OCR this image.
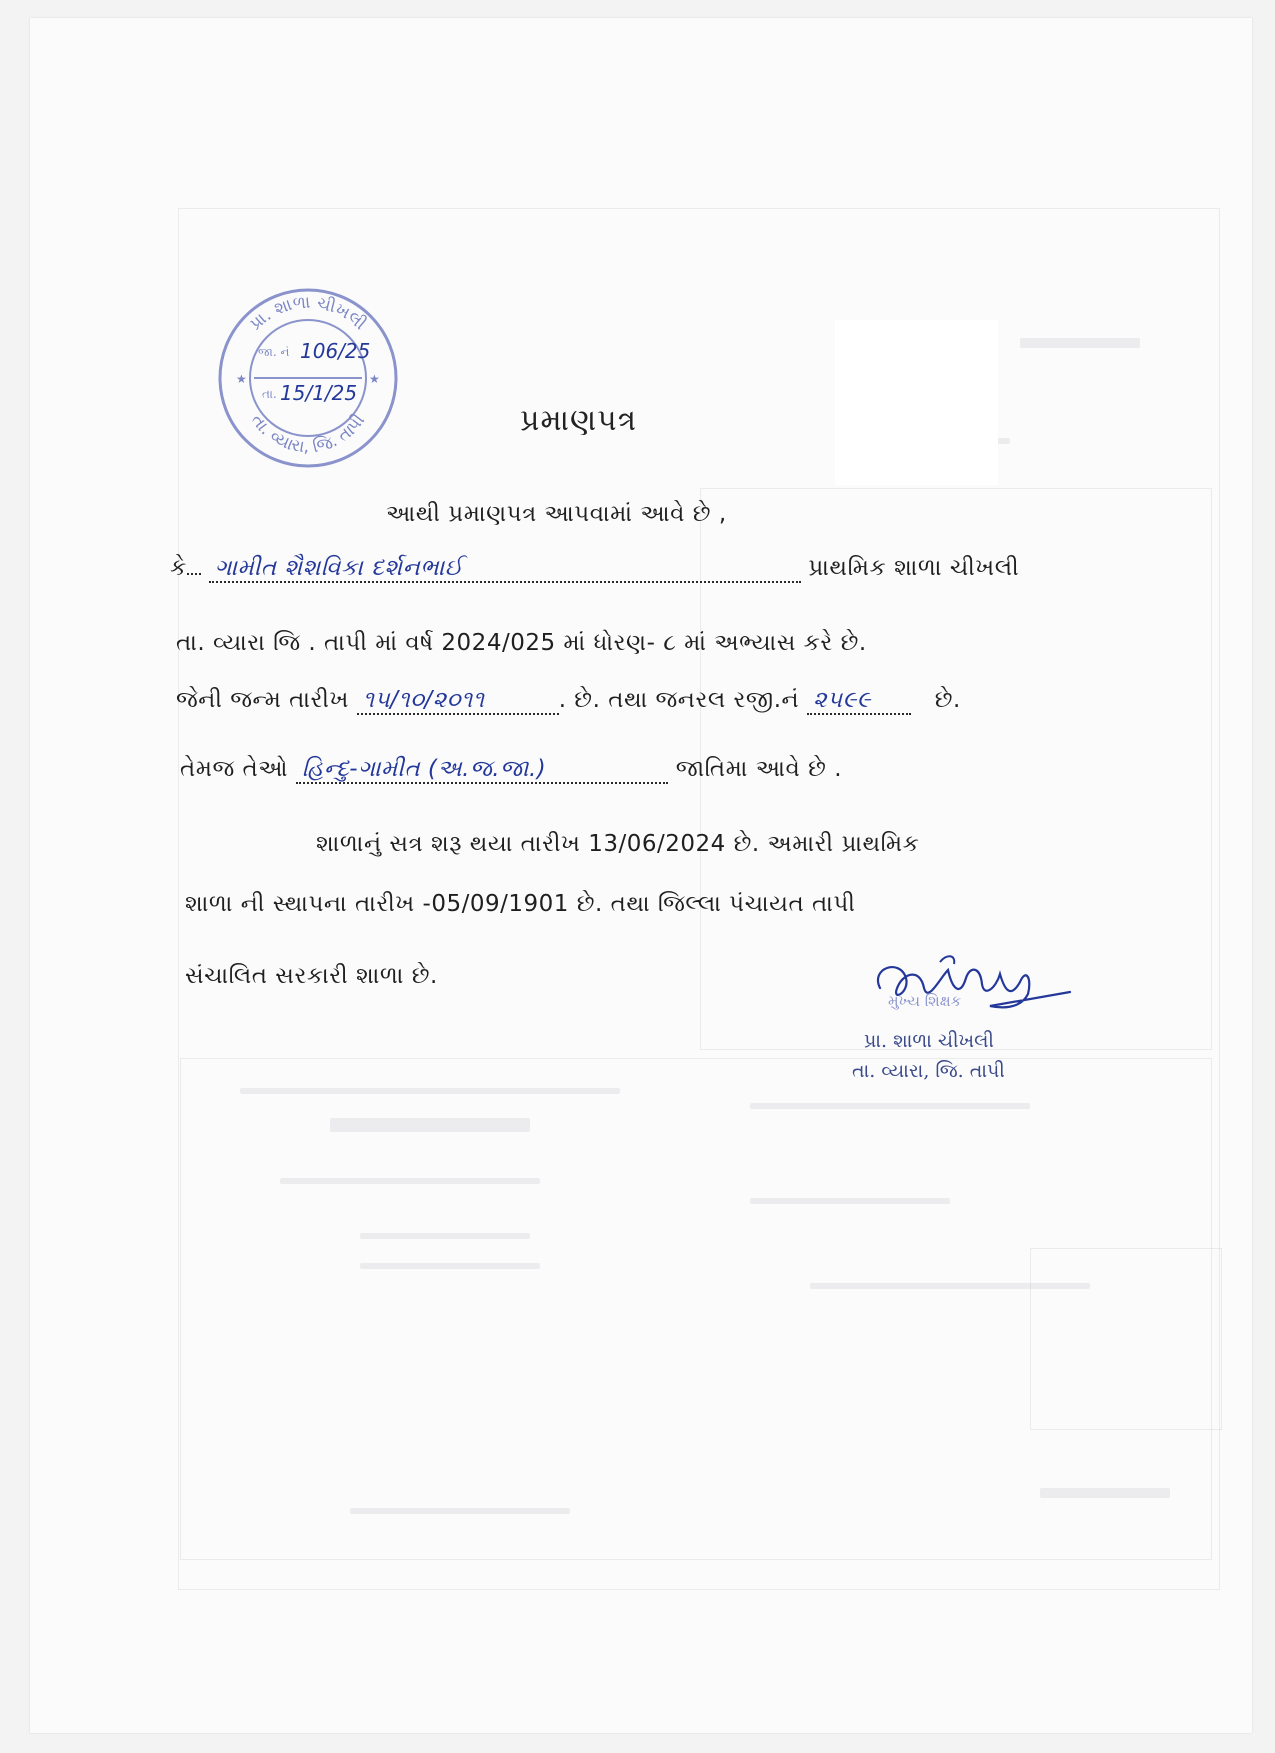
પ્રા. શાળા ચીખલી
તા. વ્યારા, જિ. તાપી
★	★
જા. નં 106/25
તા. 15/1/25
પ્રમાણપત્ર
આથી પ્રમાણપત્ર આપવામાં આવે છે ,
કે ગામીત શૈશવિકા દર્શનભાઈ	પ્રાથમિક શાળા ચીખલી
તા. વ્યારા જિ . તાપી માં વર્ષ 2024/025 માં ધોરણ- ૮ માં અભ્યાસ કરે છે.
જેની જન્મ તારીખ ૧૫/૧૦/૨૦૧૧	. છે. તથા જનરલ રજી.નં ૨૫૯૯	છે.
તેમજ તેઓ હિન્દુ-ગામીત (અ.જ.જા.)	જાતિમા આવે છે .
શાળાનું સત્ર શરૂ થયા તારીખ 13/06/2024 છે. અમારી પ્રાથમિક
શાળા ની સ્થાપના તારીખ -05/09/1901 છે. તથા જિલ્લા પંચાયત તાપી
સંચાલિત સરકારી શાળા છે.
મુખ્ય શિક્ષક
પ્રા. શાળા ચીખલી
તા. વ્યારા, જિ. તાપી
